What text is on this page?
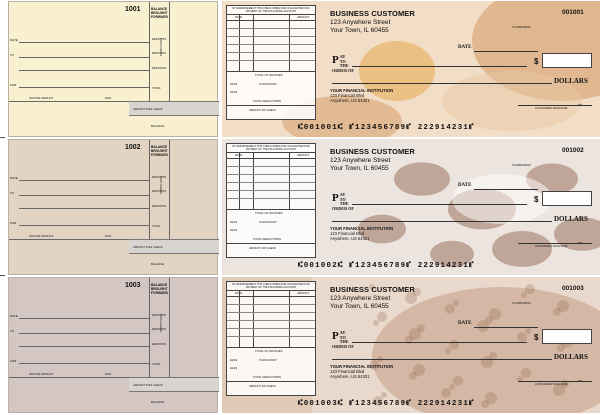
1001	BALANCE BROUGHT FORWARD
DATE
TO
FOR
DEPOSITS
DEPOSITS
DEPOSITS
TOTAL
THIS CHECK
INVOICE AMOUNT	DISC
AMOUNT THIS CHECK
BALANCE
BY ENDORSEMENT THIS CHECK WHEN PAID IS ACCEPTED FOR PAYMENT OF THE FOLLOWING ACCOUNT
DATE	AMOUNT
TOTAL OF INVOICES
LESS	% DISCOUNT
LESS
TOTAL DEDUCTIONS
AMOUNT OF CHECK
BUSINESS CUSTOMER
123 Anywhere Street
Your Town, IL 60455
001001
70-0000/0000
DATE
P AY
TO THE
ORDER OF
$
DOLLARS
YOUR FINANCIAL INSTITUTION
123 Financial Blvd
Anywhere, US 54321
MP
AUTHORIZED SIGNATURE
⑆001001⑆ ⑈123456789⑈ 222914231⑈
1002	BALANCE BROUGHT FORWARD
DATE
TO
FOR
DEPOSITS
DEPOSITS
DEPOSITS
TOTAL
THIS CHECK
INVOICE AMOUNT	DISC
AMOUNT THIS CHECK
BALANCE
BY ENDORSEMENT THIS CHECK WHEN PAID IS ACCEPTED FOR PAYMENT OF THE FOLLOWING ACCOUNT
DATE	AMOUNT
TOTAL OF INVOICES
LESS	% DISCOUNT
LESS
TOTAL DEDUCTIONS
AMOUNT OF CHECK
BUSINESS CUSTOMER
123 Anywhere Street
Your Town, IL 60455
001002
70-0000/0000
DATE
P AY
TO THE
ORDER OF
$
DOLLARS
YOUR FINANCIAL INSTITUTION
123 Financial Blvd
Anywhere, US 54321
MP
AUTHORIZED SIGNATURE
⑆001002⑆ ⑈123456789⑈ 222914231⑈
1003	BALANCE BROUGHT FORWARD
DATE
TO
FOR
DEPOSITS
DEPOSITS
DEPOSITS
TOTAL
THIS CHECK
INVOICE AMOUNT	DISC
AMOUNT THIS CHECK
BALANCE
BY ENDORSEMENT THIS CHECK WHEN PAID IS ACCEPTED FOR PAYMENT OF THE FOLLOWING ACCOUNT
DATE	AMOUNT
TOTAL OF INVOICES
LESS	% DISCOUNT
LESS
TOTAL DEDUCTIONS
AMOUNT OF CHECK
BUSINESS CUSTOMER
123 Anywhere Street
Your Town, IL 60455
001003
70-0000/0000
DATE
P AY
TO THE
ORDER OF
$
DOLLARS
YOUR FINANCIAL INSTITUTION
123 Financial Blvd
Anywhere, US 54321
MP
AUTHORIZED SIGNATURE
⑆001003⑆ ⑈123456789⑈ 222914231⑈
